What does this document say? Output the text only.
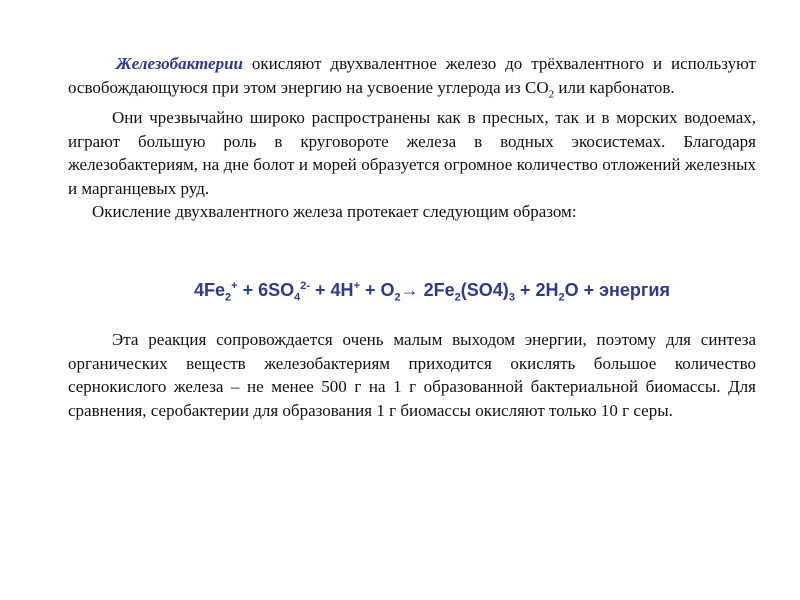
Железобактерии окисляют двухвалентное железо до трёхвалентного и используют освобождающуюся при этом энергию на усвоение углерода из $CO_2$ или карбонатов.

Они чрезвычайно широко распространены как в пресных, так и в морских водоемах, играют большую роль в круговороте железа в водных экосистемах. Благодаря железобактериям, на дне болот и морей образуется огромное количество отложений железных и марганцевых руд.

Окисление двухвалентного железа протекает следующим образом:

$4Fe_2^+ + 6SO_4^{2-} + 4H^+ + O_2\to 2Fe_2(SO4)_3 + 2H_2O$ + энергия

Эта реакция сопровождается очень малым выходом энергии, поэтому для синтеза органических веществ железобактериям приходится окислять большое количество сернокислого железа – не менее 500 г на 1 г образованной бактериальной биомассы. Для сравнения, серобактерии для образования 1 г биомассы окисляют только 10 г серы.
